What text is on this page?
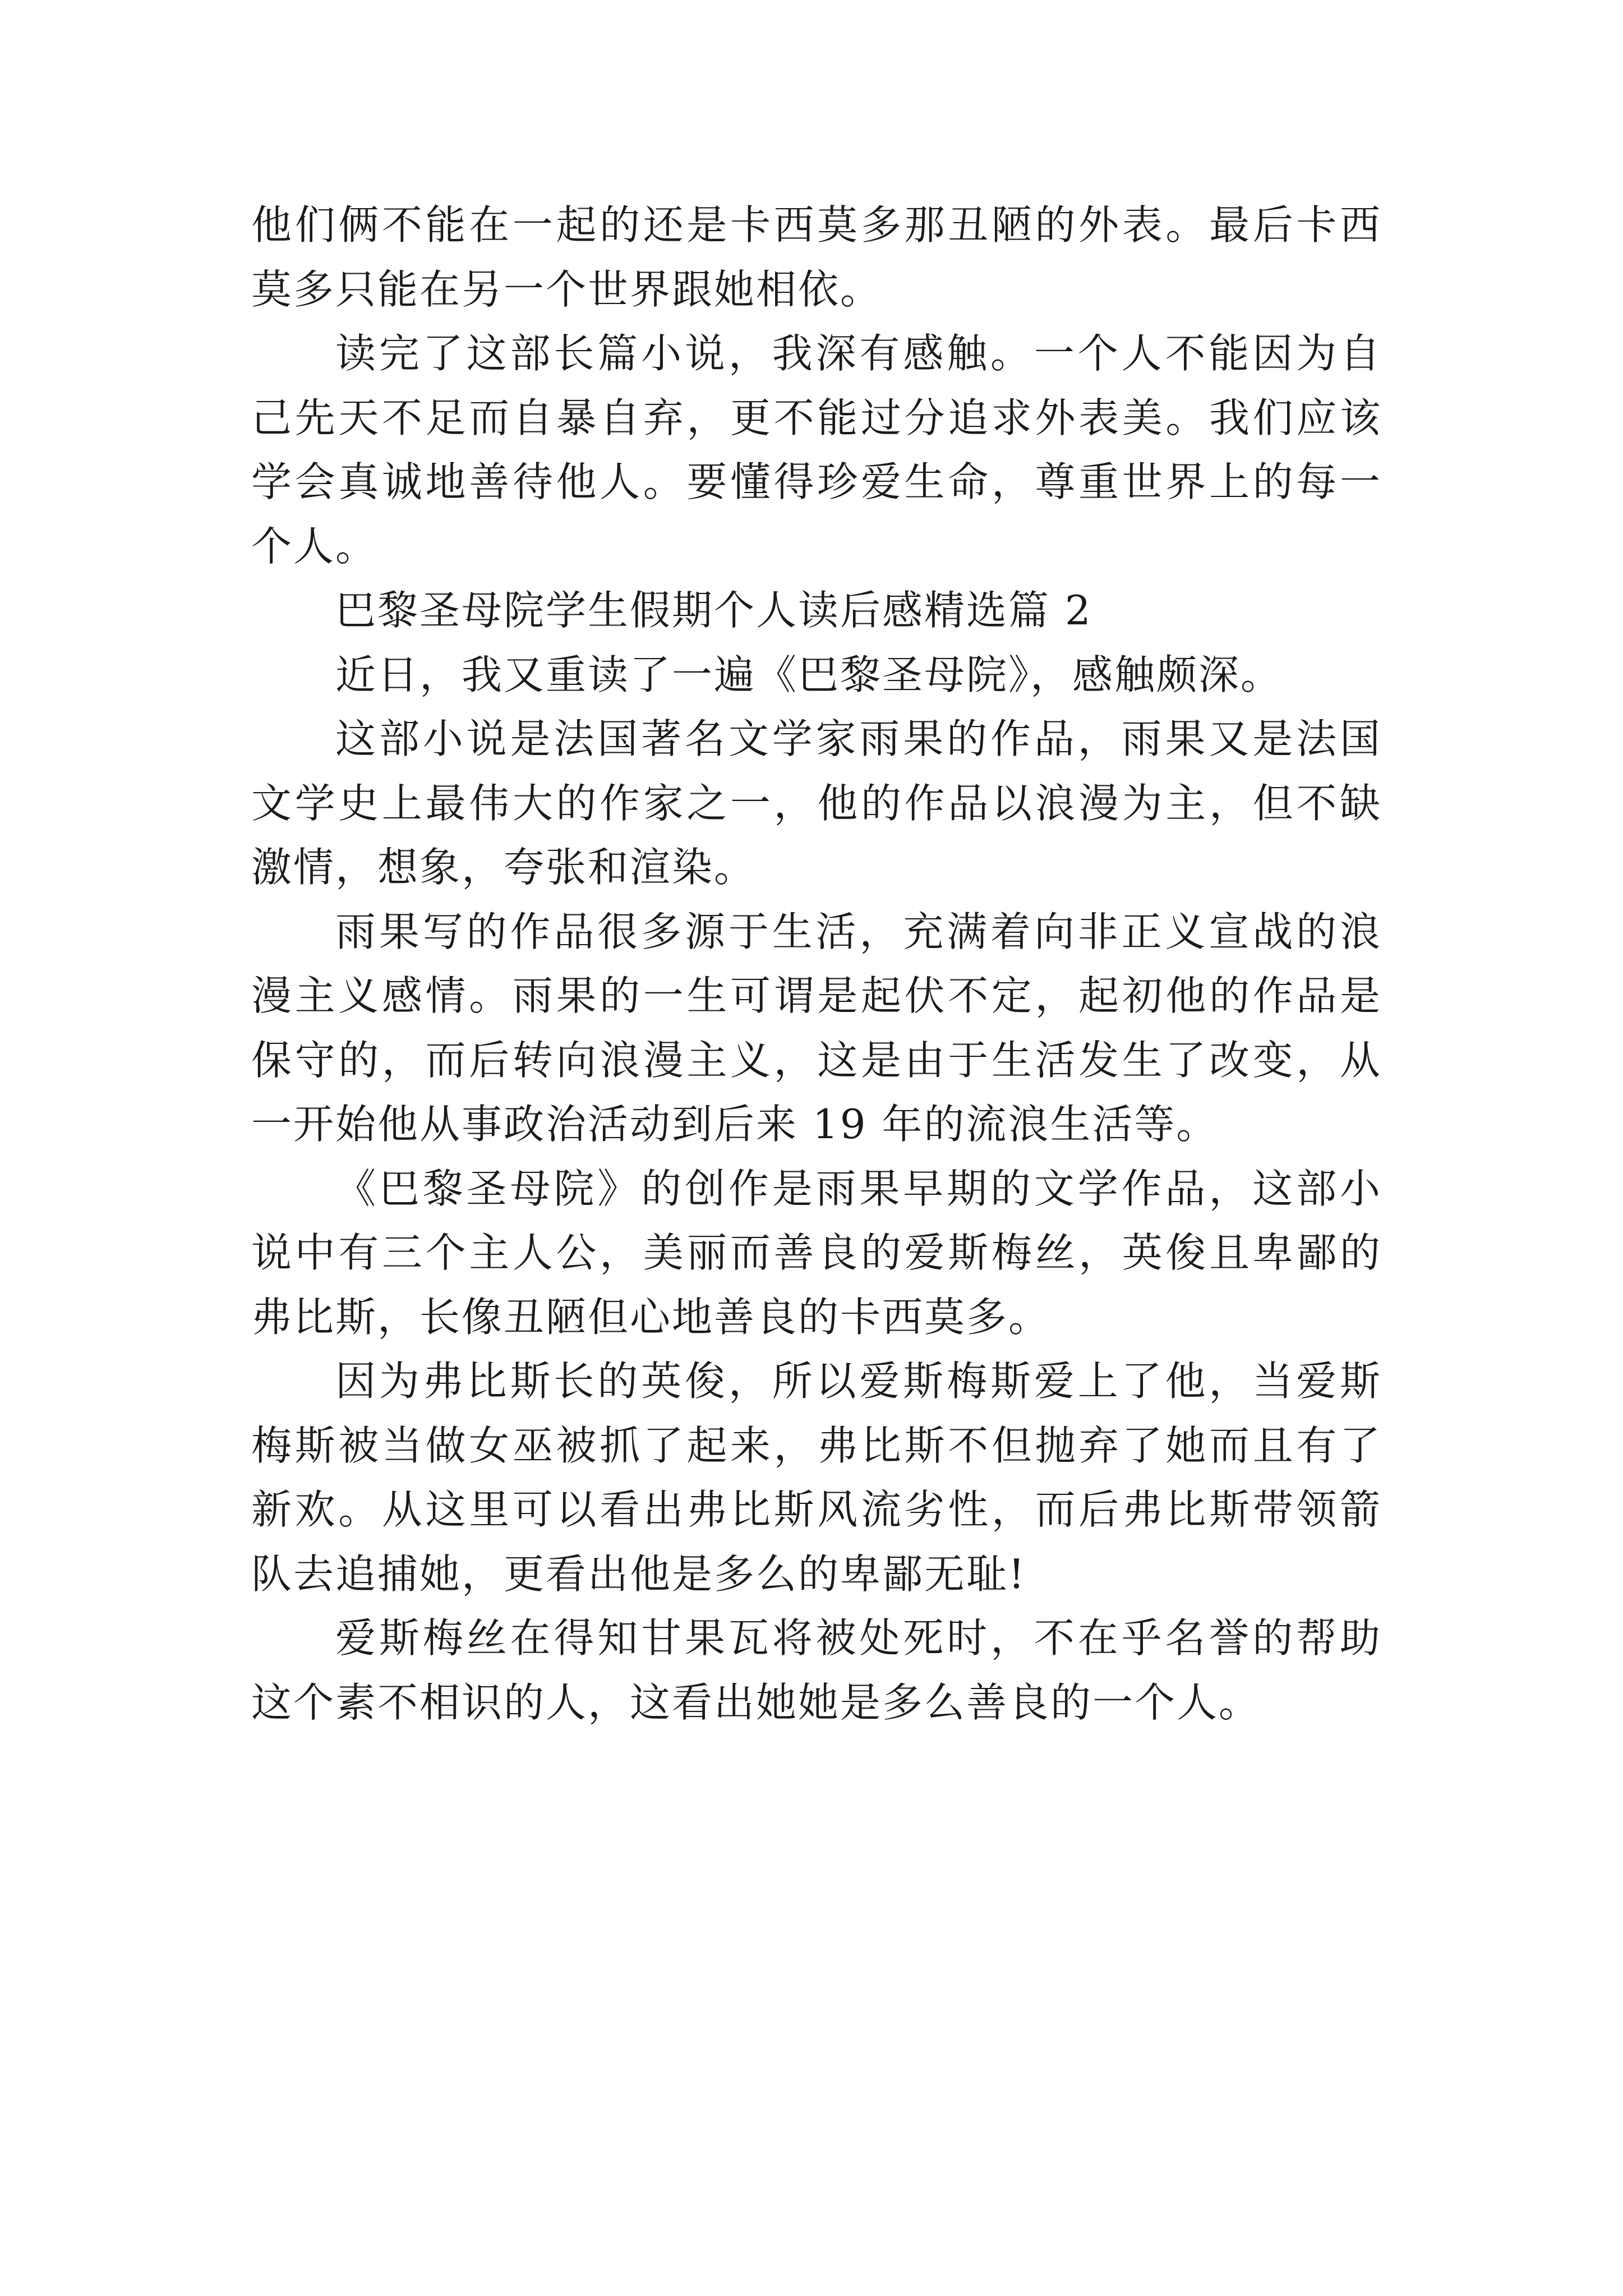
他们俩不能在一起的还是卡西莫多那丑陋的外表。最后卡西莫多只能在另一个世界跟她相依。

读完了这部长篇小说，我深有感触。一个人不能因为自己先天不足而自暴自弃，更不能过分追求外表美。我们应该学会真诚地善待他人。要懂得珍爱生命，尊重世界上的每一个人。

巴黎圣母院学生假期个人读后感精选篇 2

近日，我又重读了一遍《巴黎圣母院》，感触颇深。

这部小说是法国著名文学家雨果的作品，雨果又是法国文学史上最伟大的作家之一，他的作品以浪漫为主，但不缺激情，想象，夸张和渲染。

雨果写的作品很多源于生活，充满着向非正义宣战的浪漫主义感情。雨果的一生可谓是起伏不定，起初他的作品是保守的，而后转向浪漫主义，这是由于生活发生了改变，从一开始他从事政治活动到后来 19 年的流浪生活等。

《巴黎圣母院》的创作是雨果早期的文学作品，这部小说中有三个主人公，美丽而善良的爱斯梅丝，英俊且卑鄙的弗比斯，长像丑陋但心地善良的卡西莫多。

因为弗比斯长的英俊，所以爱斯梅斯爱上了他，当爱斯梅斯被当做女巫被抓了起来，弗比斯不但抛弃了她而且有了新欢。从这里可以看出弗比斯风流劣性，而后弗比斯带领箭队去追捕她，更看出他是多么的卑鄙无耻!

爱斯梅丝在得知甘果瓦将被处死时，不在乎名誉的帮助这个素不相识的人，这看出她她是多么善良的一个人。
